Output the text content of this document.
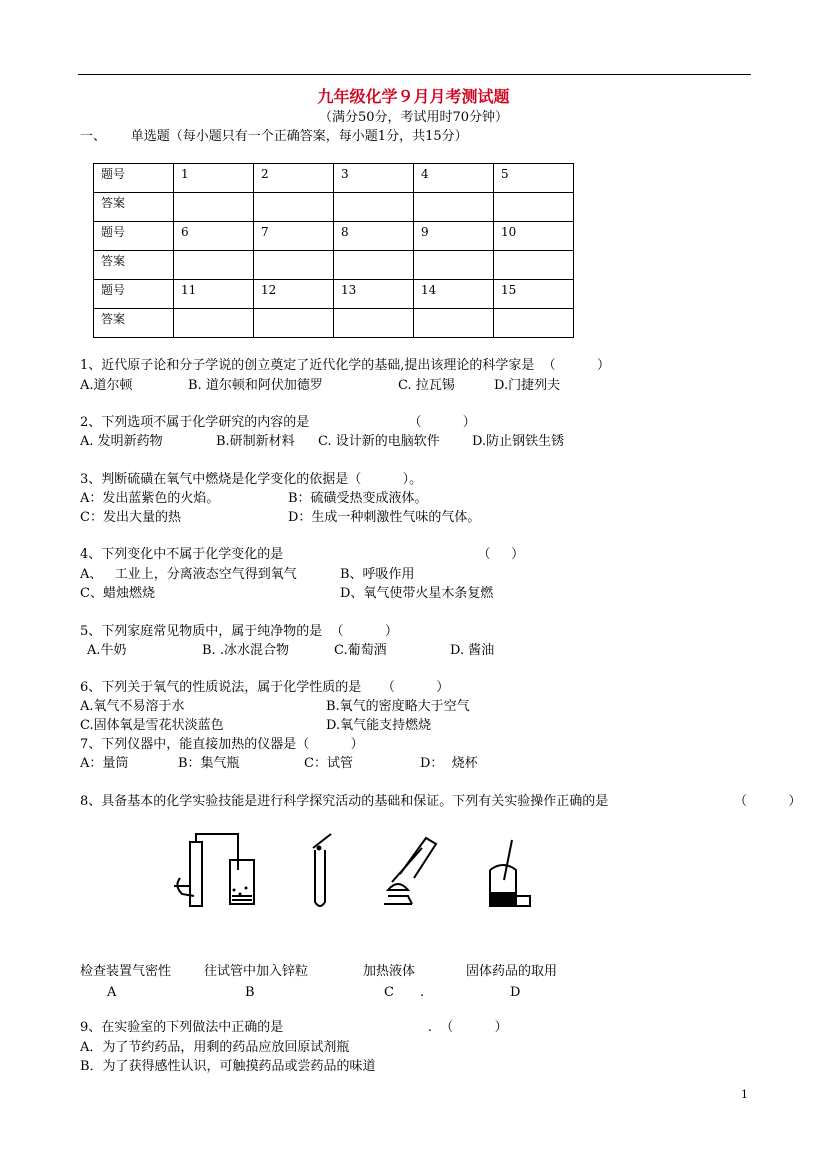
九年级化学９月月考测试题
（满分50分，考试用时70分钟）
一、      单选题（每小题只有一个正确答案，每小题1分，共15分）
题号	1	2	3	4	5
答案					
题号	6	7	8	9	10
答案					
题号	11	12	13	14	15
答案					
1、近代原子论和分子学说的创立奠定了近代化学的基础,提出该理论的科学家是  （          ）
A.道尔顿	B. 道尔顿和阿伏加德罗	C. 拉瓦锡	D.门捷列夫
2、下列选项不属于化学研究的内容的是                        （          ）
A. 发明新药物	B.研制新材料 C. 设计新的电脑软件 D.防止钢铁生锈
3、判断硫磺在氧气中燃烧是化学变化的依据是（          ）。
A：发出蓝紫色的火焰。	B：硫磺受热变成液体。
C：发出大量的热	D：生成一种刺激性气味的气体。
4、下列变化中不属于化学变化的是                                               （     ）
A、   工业上，分离液态空气得到氧气	B、呼吸作用
C、蜡烛燃烧	D、氧气使带火星木条复燃
5、下列家庭常见物质中，属于纯净物的是  （          ）
A.牛奶	B. .冰水混合物	C.葡萄酒	D. 酱油
6、下列关于氧气的性质说法，属于化学性质的是     （          ）
A.氧气不易溶于水	B.氧气的密度略大于空气
C.固体氧是雪花状淡蓝色	D.氧气能支持燃烧
7、下列仪器中，能直接加热的仪器是（          ）
A：量筒	B：集气瓶	C：试管	D：  烧杯
8、具备基本的化学实验技能是进行科学探究活动的基础和保证。下列有关实验操作正确的是	（          ）
检查装置气密性	往试管中加入锌粒	加热液体	固体药品的取用
A	B	C .	D
9、在实验室的下列做法中正确的是                                   .  （          ）
A．为了节约药品，用剩的药品应放回原试剂瓶
B．为了获得感性认识，可触摸药品或尝药品的味道
1
